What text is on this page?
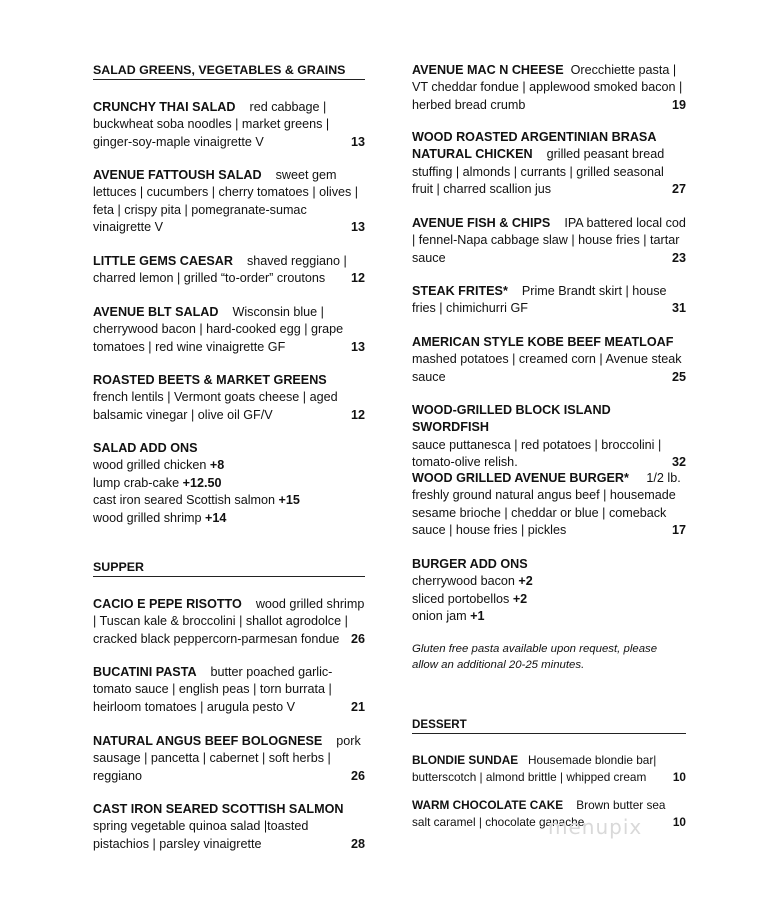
SALAD GREENS, VEGETABLES & GRAINS
CRUNCHY THAI SALAD red cabbage | buckwheat soba noodles | market greens | ginger-soy-maple vinaigrette V	13
AVENUE FATTOUSH SALAD sweet gem lettuces | cucumbers | cherry tomatoes | olives | feta | crispy pita | pomegranate-sumac vinaigrette V	13
LITTLE GEMS CAESAR shaved reggiano | charred lemon | grilled “to-order” croutons 12
AVENUE BLT SALAD Wisconsin blue | cherrywood bacon | hard-cooked egg | grape tomatoes | red wine vinaigrette GF	13
ROASTED BEETS & MARKET GREENS    french lentils | Vermont goats cheese | aged balsamic vinegar | olive oil GF/V	12
SALAD ADD ONS
wood grilled chicken +8
lump crab-cake +12.50
cast iron seared Scottish salmon +15
wood grilled shrimp +14
SUPPER
CACIO E PEPE RISOTTO wood grilled shrimp | Tuscan kale & broccolini | shallot agrodolce | cracked black peppercorn-parmesan fondue 26
BUCATINI PASTA butter poached garlic- tomato sauce | english peas | torn burrata | heirloom tomatoes | arugula pesto V	21
NATURAL ANGUS BEEF BOLOGNESE pork sausage | pancetta | cabernet | soft herbs | reggiano	26
CAST IRON SEARED SCOTTISH SALMON    spring vegetable quinoa salad |toasted pistachios | parsley vinaigrette	28
AVENUE MAC N CHEESE Orecchiette pasta | VT cheddar fondue | applewood smoked bacon | herbed bread crumb	19
WOOD ROASTED ARGENTINIAN BRASA NATURAL CHICKEN grilled peasant bread stuffing | almonds | currants | grilled seasonal fruit | charred scallion jus	27
AVENUE FISH & CHIPS IPA battered local cod | fennel-Napa cabbage slaw | house fries | tartar sauce	23
STEAK FRITES* Prime Brandt skirt | house fries | chimichurri GF	31
AMERICAN STYLE KOBE BEEF MEATLOAF
mashed potatoes | creamed corn | Avenue steak sauce	25
WOOD-GRILLED BLOCK ISLAND SWORDFISH
sauce puttanesca | red potatoes | broccolini | tomato-olive relish.	32
WOOD GRILLED AVENUE BURGER* 1/2 lb. freshly ground natural angus beef | housemade sesame brioche | cheddar or blue | comeback sauce | house fries | pickles	17
BURGER ADD ONS
cherrywood bacon +2
sliced portobellos +2
onion jam +1
Gluten free pasta available upon request, please allow an additional 20-25 minutes.
DESSERT
BLONDIE SUNDAE Housemade blondie bar| butterscotch | almond brittle | whipped cream 10
WARM CHOCOLATE CAKE Brown butter sea salt caramel | chocolate ganache	10
menupix
